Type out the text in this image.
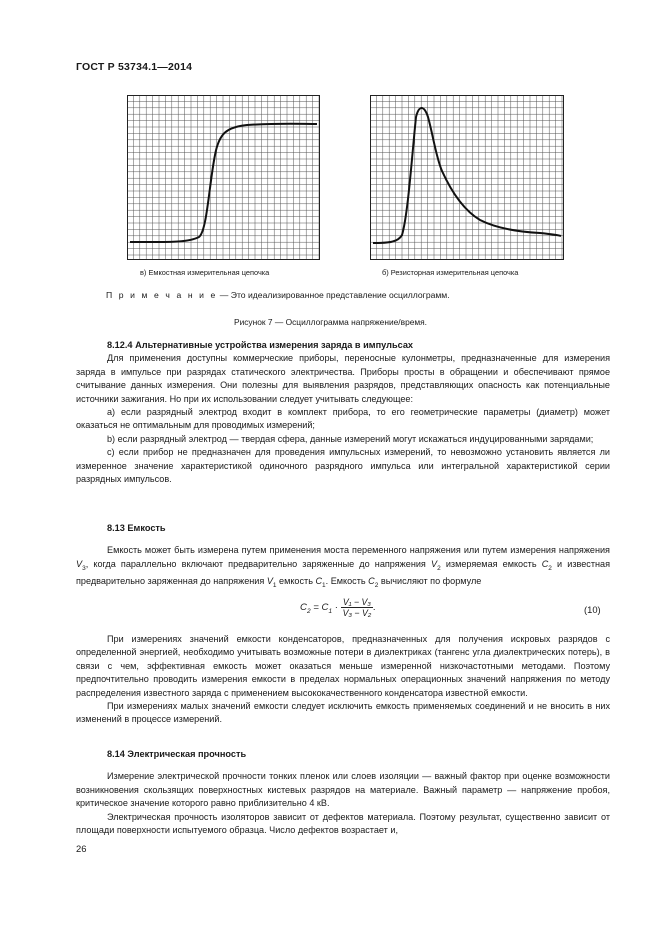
ГОСТ Р 53734.1—2014
в) Емкостная измерительная цепочка	б) Резисторная измерительная цепочка
П р и м е ч а н и е — Это идеализированное представление осциллограмм.
Рисунок 7 — Осциллограмма напряжение/время.
8.12.4 Альтернативные устройства измерения заряда в импульсах

Для применения доступны коммерческие приборы, переносные кулонметры, предназначенные для измерения заряда в импульсе при разрядах статического электричества. Приборы просты в обращении и обеспечивают прямое считывание данных измерения. Они полезны для выявления разрядов, представляющих опасность как потенциальные источники зажигания. Но при их использовании следует учитывать следующее:

а) если разрядный электрод входит в комплект прибора, то его геометрические параметры (диаметр) может оказаться не оптимальным для проводимых измерений;

b) если разрядный электрод — твердая сфера, данные измерений могут искажаться индуцированными зарядами;

с) если прибор не предназначен для проведения импульсных измерений, то невозможно установить является ли измеренное значение характеристикой одиночного разрядного импульса или интегральной характеристикой серии разрядных импульсов.

8.13 Емкость

Емкость может быть измерена путем применения моста переменного напряжения или путем измерения напряжения $V_3$, когда параллельно включают предварительно заряженные до напряжения $V_2$ измеряемая емкость $C_2$ и известная предварительно заряженная до напряжения $V_1$ емкость $C_1$. Емкость $C_2$ вычисляют по формуле

$C_2 = C_1 \cdot \frac{\text{V₁ − V₃}}{\text{V₃ − V₂}}$ .	(10)

При измерениях значений емкости конденсаторов, предназначенных для получения искровых разрядов с определенной энергией, необходимо учитывать возможные потери в диэлектриках (тангенс угла диэлектрических потерь), в связи с чем, эффективная емкость может оказаться меньше измеренной низкочастотными методами. Поэтому предпочтительно проводить измерения емкости в пределах нормальных операционных значений напряжения по методу распределения известного заряда с применением высококачественного конденсатора известной емкости.

При измерениях малых значений емкости следует исключить емкость применяемых соединений и не вносить в них изменений в процессе измерений.

8.14 Электрическая прочность

Измерение электрической прочности тонких пленок или слоев изоляции — важный фактор при оценке возможности возникновения скользящих поверхностных кистевых разрядов на материале. Важный параметр — напряжение пробоя, критическое значение которого равно приблизительно 4 кВ.

Электрическая прочность изоляторов зависит от дефектов материала. Поэтому результат, существенно зависит от площади поверхности испытуемого образца. Число дефектов возрастает и,

26
